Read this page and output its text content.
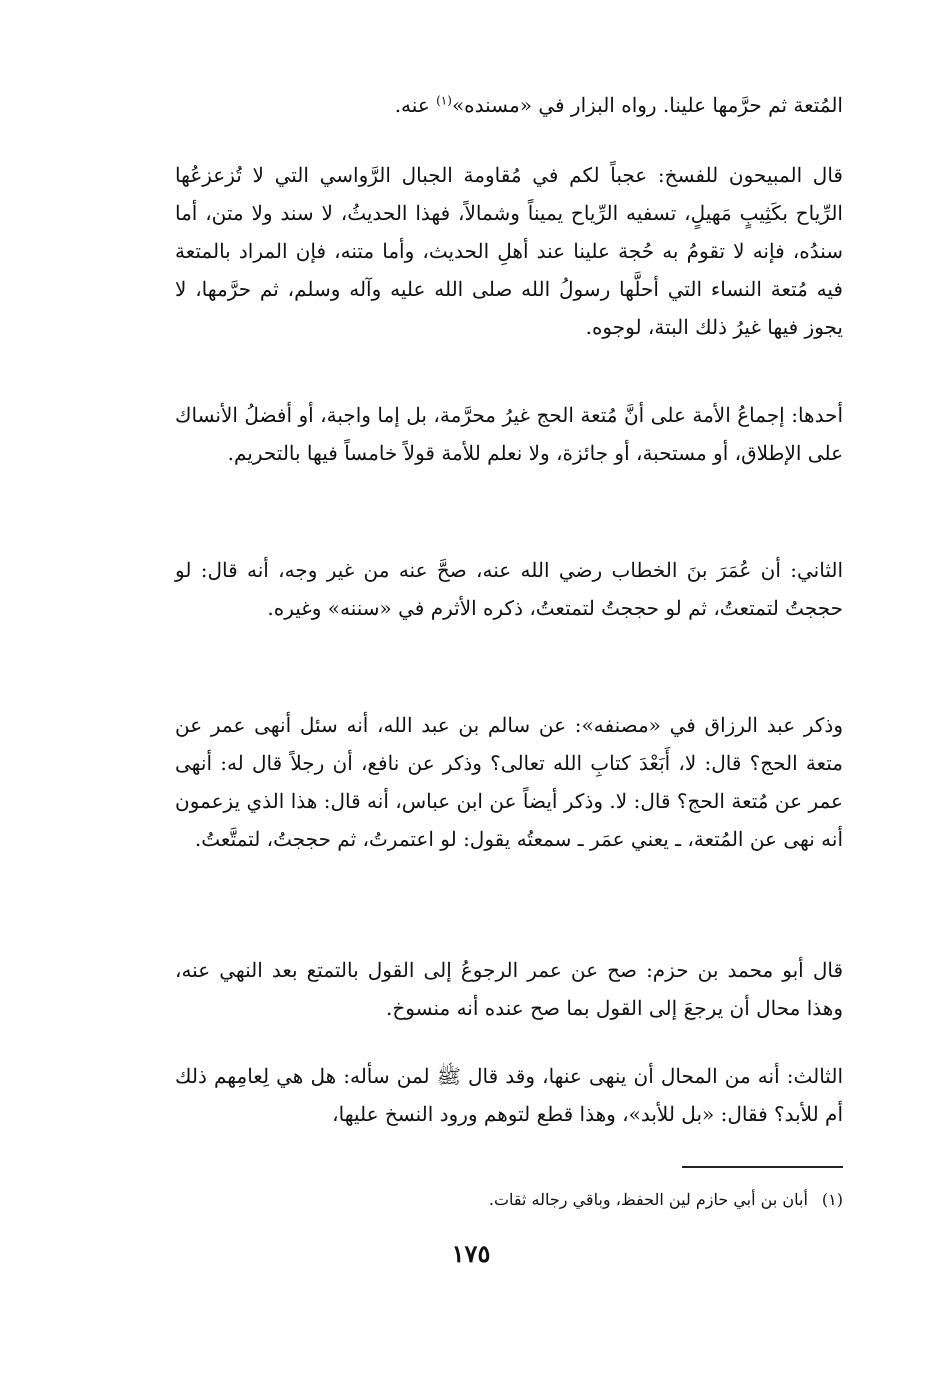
المُتعة ثم حرَّمها علينا. رواه البزار في «مسنده»$^{(١)}$ عنه.

قال المبيحون للفسخ: عجباً لكم في مُقاومة الجبال الرَّواسي التي لا تُزعزعُها الرِّياح بكَثِيبٍ مَهيلٍ، تسفيه الرِّياح يميناً وشمالاً، فهذا الحديثُ، لا سند ولا متن، أما سندُه، فإنه لا تقومُ به حُجة علينا عند أهلِ الحديث، وأما متنه، فإن المراد بالمتعة فيه مُتعة النساء التي أحلَّها رسولُ الله صلى الله عليه وآله وسلم، ثم حرَّمها، لا يجوز فيها غيرُ ذلك البتة، لوجوه.

أحدها: إجماعُ الأمة على أنَّ مُتعة الحج غيرُ محرَّمة، بل إما واجبة، أو أفضلُ الأنساك على الإطلاق، أو مستحبة، أو جائزة، ولا نعلم للأمة قولاً خامساً فيها بالتحريم.

الثاني: أن عُمَرَ بنَ الخطاب رضي الله عنه، صحَّ عنه من غير وجه، أنه قال: لو حججتُ لتمتعتُ، ثم لو حججتُ لتمتعتُ، ذكره الأثرم في «سننه» وغيره.

وذكر عبد الرزاق في «مصنفه»: عن سالم بن عبد الله، أنه سئل أنهى عمر عن متعة الحج؟ قال: لا، أَبَعْدَ كتابِ الله تعالى؟ وذكر عن نافع، أن رجلاً قال له: أنهى عمر عن مُتعة الحج؟ قال: لا. وذكر أيضاً عن ابن عباس، أنه قال: هذا الذي يزعمون أنه نهى عن المُتعة، ـ يعني عمَر ـ سمعتُه يقول: لو اعتمرتُ، ثم حججتُ، لتمتَّعتُ.

قال أبو محمد بن حزم: صح عن عمر الرجوعُ إلى القول بالتمتع بعد النهي عنه، وهذا محال أن يرجعَ إلى القول بما صح عنده أنه منسوخ.

الثالث: أنه من المحال أن ينهى عنها، وقد قال ﷺ لمن سأله: هل هي لِعامِهم ذلك أم للأبد؟ فقال: «بل للأبد»، وهذا قطع لتوهم ورود النسخ عليها،

(١)أبان بن أبي حازم لين الحفظ، وباقي رجاله ثقات.
١٧٥
